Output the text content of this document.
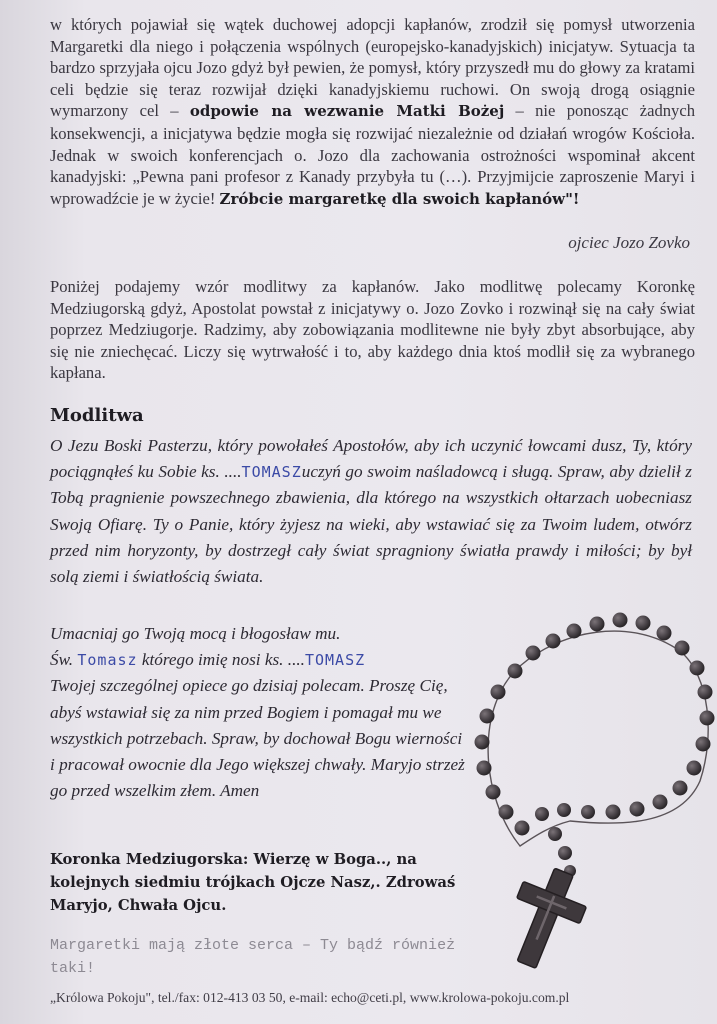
w których pojawiał się wątek duchowej adopcji kapłanów, zrodził się pomysł utworzenia Margaretki dla niego i połączenia wspólnych (europejsko-kanadyjskich) inicjatyw. Sytuacja ta bardzo sprzyjała ojcu Jozo gdyż był pewien, że pomysł, który przyszedł mu do głowy za kratami celi będzie się teraz rozwijał dzięki kanadyjskiemu ruchowi. On swoją drogą osiągnie wymarzony cel – odpowie na wezwanie Matki Bożej – nie ponosząc żadnych konsekwencji, a inicjatywa będzie mogła się rozwijać niezależnie od działań wrogów Kościoła. Jednak w swoich konferencjach o. Jozo dla zachowania ostrożności wspominał akcent kanadyjski: „Pewna pani profesor z Kanady przybyła tu (…). Przyjmijcie zaproszenie Maryi i wprowadźcie je w życie! Zróbcie margaretkę dla swoich kapłanów"!

ojciec Jozo Zovko

Poniżej podajemy wzór modlitwy za kapłanów. Jako modlitwę polecamy Koronkę Medziugorską gdyż, Apostolat powstał z inicjatywy o. Jozo Zovko i rozwinął się na cały świat poprzez Medziugorje. Radzimy, aby zobowiązania modlitewne nie były zbyt absorbujące, aby się nie zniechęcać. Liczy się wytrwałość i to, aby każdego dnia ktoś modlił się za wybranego kapłana.

Modlitwa

O Jezu Boski Pasterzu, który powołałeś Apostołów, aby ich uczynić łowcami dusz, Ty, który pociągnąłeś ku Sobie ks. ....TOMASZuczyń go swoim naśladowcą i sługą. Spraw, aby dzielił z Tobą pragnienie powszechnego zbawienia, dla którego na wszystkich ołtarzach uobecniasz Swoją Ofiarę. Ty o Panie, który żyjesz na wieki, aby wstawiać się za Twoim ludem, otwórz przed nim horyzonty, by dostrzegł cały świat spragniony światła prawdy i miłości; by był solą ziemi i światłością świata.

Umacniaj go Twoją mocą i błogosław mu.
Św. Tomasz którego imię nosi ks. ....TOMASZ
Twojej szczególnej opiece go dzisiaj polecam. Proszę Cię, abyś wstawiał się za nim przed Bogiem i pomagał mu we wszystkich potrzebach. Spraw, by dochował Bogu wierności i pracował owocnie dla Jego większej chwały. Maryjo strzeż go przed wszelkim złem. Amen

Koronka Medziugorska: Wierzę w Boga.., na kolejnych siedmiu trójkach Ojcze Nasz,. Zdrowaś Maryjo, Chwała Ojcu.

Margaretki mają złote serca – Ty bądź również taki!

„Królowa Pokoju", tel./fax: 012-413 03 50, e-mail: echo@ceti.pl, www.krolowa-pokoju.com.pl
